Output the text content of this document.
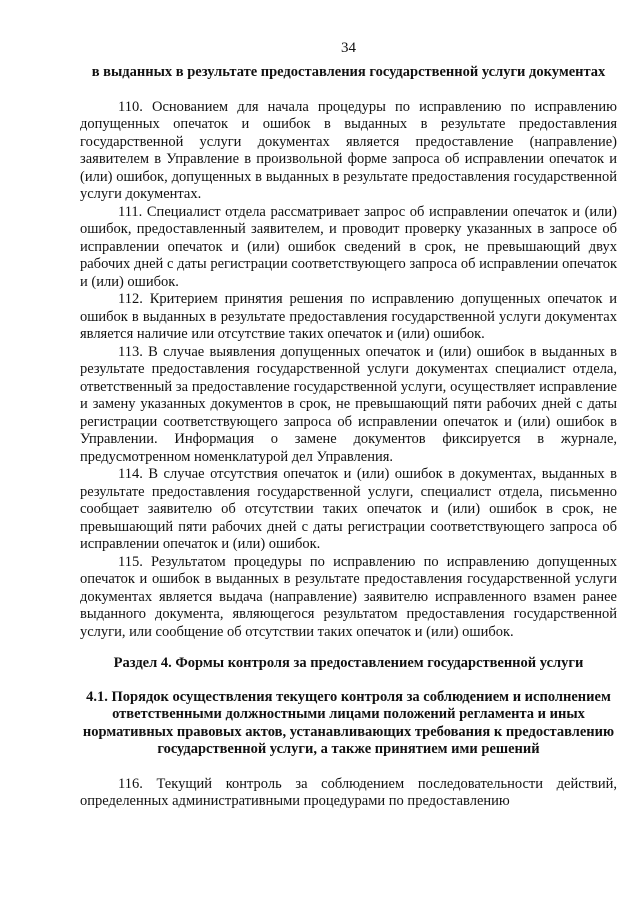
34
в выданных в результате предоставления государственной услуги документах

110. Основанием для начала процедуры по исправлению по исправлению допущенных опечаток и ошибок в выданных в результате предоставления государственной услуги документах является предоставление (направление) заявителем в Управление в произвольной форме запроса об исправлении опечаток и (или) ошибок, допущенных в выданных в результате предоставления государственной услуги документах.

111. Специалист отдела рассматривает запрос об исправлении опечаток и (или) ошибок, предоставленный заявителем, и проводит проверку указанных в запросе об исправлении опечаток и (или) ошибок сведений в срок, не превышающий двух рабочих дней с даты регистрации соответствующего запроса об исправлении опечаток и (или) ошибок.

112. Критерием принятия решения по исправлению допущенных опечаток и ошибок в выданных в результате предоставления государственной услуги документах является наличие или отсутствие таких опечаток и (или) ошибок.

113. В случае выявления допущенных опечаток и (или) ошибок в выданных в результате предоставления государственной услуги документах специалист отдела, ответственный за предоставление государственной услуги, осуществляет исправление и замену указанных документов в срок, не превышающий пяти рабочих дней с даты регистрации соответствующего запроса об исправлении опечаток и (или) ошибок в Управлении. Информация о замене документов фиксируется в журнале, предусмотренном номенклатурой дел Управления.

114. В случае отсутствия опечаток и (или) ошибок в документах, выданных в результате предоставления государственной услуги, специалист отдела, письменно сообщает заявителю об отсутствии таких опечаток и (или) ошибок в срок, не превышающий пяти рабочих дней с даты регистрации соответствующего запроса об исправлении опечаток и (или) ошибок.

115. Результатом процедуры по исправлению по исправлению допущенных опечаток и ошибок в выданных в результате предоставления государственной услуги документах является выдача (направление) заявителю исправленного взамен ранее выданного документа, являющегося результатом предоставления государственной услуги, или сообщение об отсутствии таких опечаток и (или) ошибок.

Раздел 4. Формы контроля за предоставлением государственной услуги
4.1. Порядок осуществления текущего контроля за соблюдением и исполнением ответственными должностными лицами положений регламента и иных нормативных правовых актов, устанавливающих требования к предоставлению государственной услуги, а также принятием ими решений

116. Текущий контроль за соблюдением последовательности действий, определенных административными процедурами по предоставлению
